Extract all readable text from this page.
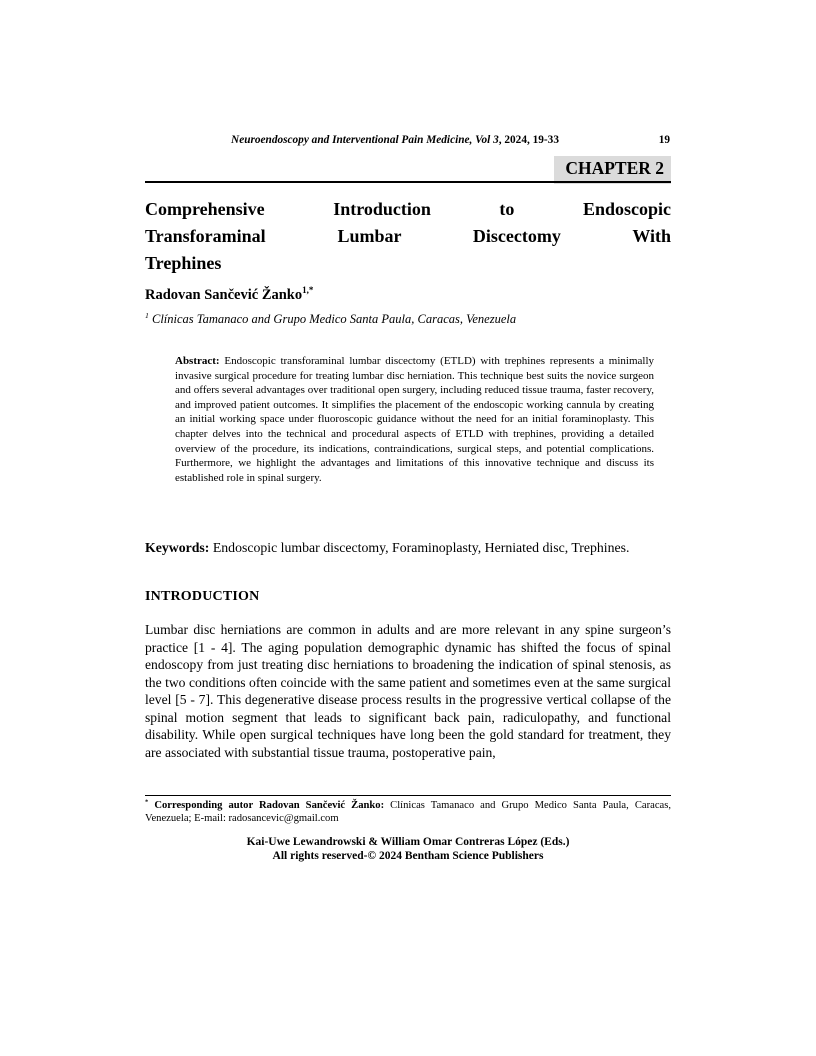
Neuroendoscopy and Interventional Pain Medicine, Vol 3, 2024, 19-33	19
CHAPTER 2
Comprehensive Introduction to Endoscopic
Transforaminal Lumbar Discectomy With
Trephines
Radovan Sančević Žanko$^{1,*}$
$^1$ Clínicas Tamanaco and Grupo Medico Santa Paula, Caracas, Venezuela
Abstract: Endoscopic transforaminal lumbar discectomy (ETLD) with trephines represents a minimally invasive surgical procedure for treating lumbar disc herniation. This technique best suits the novice surgeon and offers several advantages over traditional open surgery, including reduced tissue trauma, faster recovery, and improved patient outcomes. It simplifies the placement of the endoscopic working cannula by creating an initial working space under fluoroscopic guidance without the need for an initial foraminoplasty. This chapter delves into the technical and procedural aspects of ETLD with trephines, providing a detailed overview of the procedure, its indications, contraindications, surgical steps, and potential complications. Furthermore, we highlight the advantages and limitations of this innovative technique and discuss its established role in spinal surgery.
Keywords: Endoscopic lumbar discectomy, Foraminoplasty, Herniated disc, Trephines.
INTRODUCTION
Lumbar disc herniations are common in adults and are more relevant in any spine surgeon’s practice [1 - 4]. The aging population demographic dynamic has shifted the focus of spinal endoscopy from just treating disc herniations to broadening the indication of spinal stenosis, as the two conditions often coincide with the same patient and sometimes even at the same surgical level [5 - 7]. This degenerative disease process results in the progressive vertical collapse of the spinal motion segment that leads to significant back pain, radiculopathy, and functional disability. While open surgical techniques have long been the gold standard for treatment, they are associated with substantial tissue trauma, postoperative pain,
* Corresponding autor Radovan Sančević Žanko: Clínicas Tamanaco and Grupo Medico Santa Paula, Caracas, Venezuela; E-mail: radosancevic@gmail.com
Kai-Uwe Lewandrowski & William Omar Contreras López (Eds.)
All rights reserved-© 2024 Bentham Science Publishers
